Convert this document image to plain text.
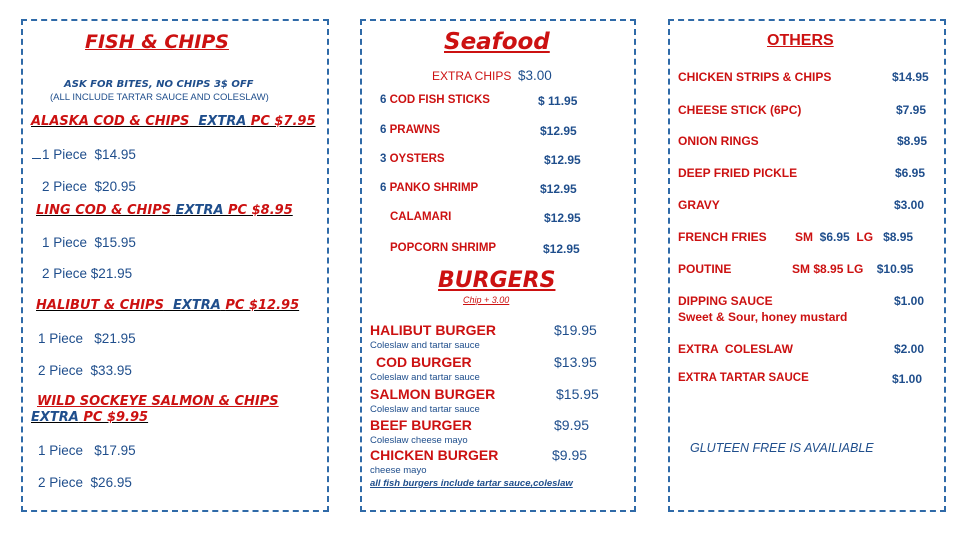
FISH & CHIPS
ASK FOR BITES, NO CHIPS 3$ OFF
(ALL INCLUDE TARTAR SAUCE AND COLESLAW)
ALASKA COD & CHIPS EXTRA PC $7.95
1 Piece $14.95
2 Piece $20.95
LING COD & CHIPS EXTRA PC $8.95
1 Piece $15.95
2 Piece $21.95
HALIBUT & CHIPS EXTRA PC $12.95
1 Piece $21.95
2 Piece $33.95
WILD SOCKEYE SALMON & CHIPS
EXTRA PC $9.95
1 Piece $17.95
2 Piece $26.95
Seafood
EXTRA CHIPS $3.00
6 COD FISH STICKS	$ 11.95
6 PRAWNS	$12.95
3 OYSTERS	$12.95
6 PANKO SHRIMP	$12.95
CALAMARI	$12.95
POPCORN SHRIMP	$12.95
BURGERS
Chip + 3.00
HALIBUT BURGER	$19.95
Coleslaw and tartar sauce
COD BURGER	$13.95
Coleslaw and tartar sauce
SALMON BURGER	$15.95
Coleslaw and tartar sauce
BEEF BURGER	$9.95
Coleslaw cheese mayo
CHICKEN BURGER	$9.95
cheese mayo
all fish burgers include tartar sauce,coleslaw
OTHERS
CHICKEN STRIPS & CHIPS	$14.95
CHEESE STICK (6PC)	$7.95
ONION RINGS	$8.95
DEEP FRIED PICKLE	$6.95
GRAVY	$3.00
FRENCH FRIES SM $6.95 LG $8.95
POUTINE	SM $8.95 LG $10.95
DIPPING SAUCE	$1.00
Sweet & Sour, honey mustard
EXTRA  COLESLAW	$2.00
EXTRA TARTAR SAUCE	$1.00
GLUTEEN FREE IS AVAILIABLE
